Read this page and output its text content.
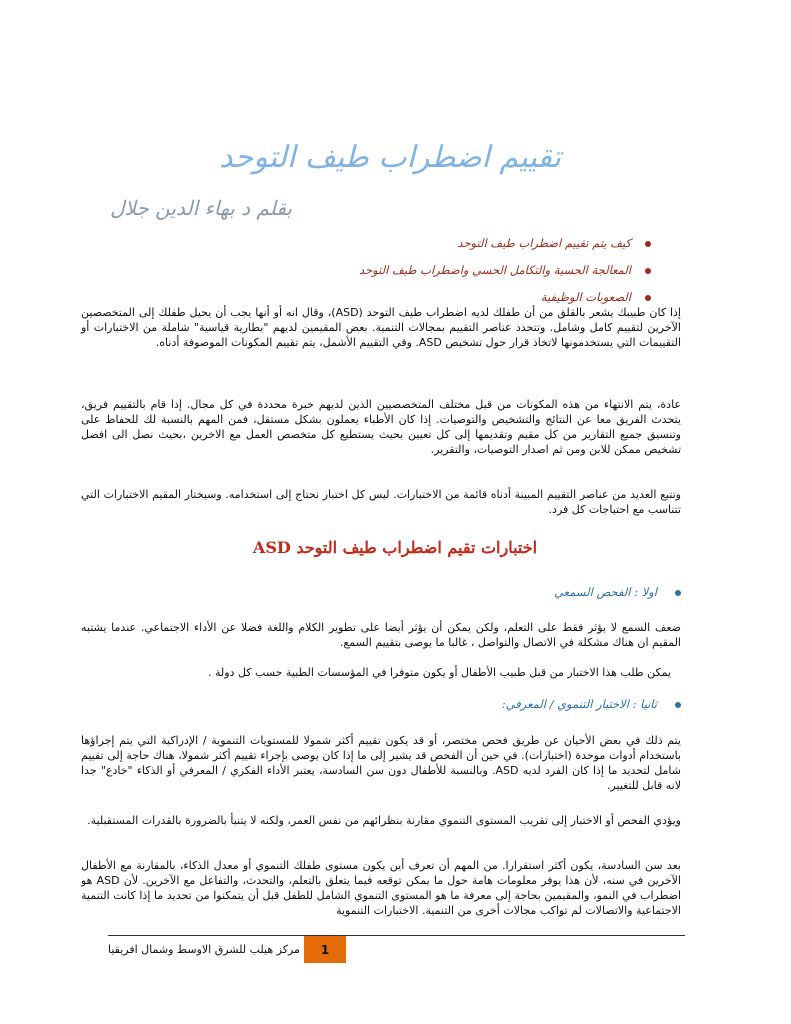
تقييم اضطراب طيف التوحد
بقلم د بهاء الدين جلال
كيف يتم تقييم اضطراب طيف التوحد
المعالجة الحسية والتكامل الحسي واضطراب طيف التوحد
الصعوبات الوظيفية

إذا كان طبيبك يشعر بالقلق من أن طفلك لديه اضطراب طيف التوحد (ASD)، وقال انه أو أنها يجب أن يحيل طفلك إلى المتخصصين الآخرين لتقييم كامل وشامل. وتتحدد عناصر التقييم بمجالات التنمية. بعض المقيمين لديهم "بطارية قياسية" شاملة من الاختبارات أو التقييمات التي يستخدمونها لاتخاذ قرار حول تشخيص ASD. وفي التقييم الأشمل، يتم تقييم المكونات الموصوفة أدناه.

عادة، يتم الانتهاء من هذه المكونات من قبل مختلف المتخصصيين الذين لديهم خبرة محددة في كل مجال. إذا قام بالتقييم فريق، يتحدث الفريق معا عن النتائج والتشخيص والتوصيات. إذا كان الأطباء يعملون بشكل مستقل، فمن المهم بالنسبة لك للحفاظ على وتنسيق جميع التقارير من كل مقيم وتقديمها إلى كل تعيين بحيث يستطيع كل متخصص العمل مع الاخرين ،بحيث نصل الى افضل تشخيص ممكن للابن ومن ثم اصدار التوصيات، والتقرير.

وتتبع العديد من عناصر التقييم المبينة أدناه قائمة من الاختبارات. ليس كل اختبار نحتاج إلى استخدامه. وسيختار المقيم الاختبارات التي تتناسب مع احتياجات كل فرد.

اختبارات تقيم اضطراب طيف التوحد ASD
اولا : الفحص السمعي

ضعف السمع لا يؤثر فقط على التعلم، ولكن يمكن أن يؤثر أيضا على تطوير الكلام واللغة فضلا عن الأداء الاجتماعي. عندما يشتبه المقيم ان هناك مشكلة في الاتصال والتواصل ، غالبا ما يوصى بتقييم السمع.

يمكن طلب هذا الاختبار من قبل طبيب الأطفال أو يكون متوفرا في المؤسسات الطبية حسب كل دولة .

ثانيا : الاختبار التنموي / المعرفي:

يتم ذلك في بعض الأحيان عن طريق فحص مختصر، أو قد يكون تقييم أكثر شمولا للمستويات التنموية / الإدراكية التي يتم إجراؤها باستخدام أدوات موحدة (اختبارات). في حين أن الفحص قد يشير إلى ما إذا كان يوصى بإجراء تقييم أكثر شمولا، هناك حاجة إلى تقييم شامل لتحديد ما إذا كان الفرد لديه ASD. وبالنسبة للأطفال دون سن السادسة، يعتبر الأداء الفكري / المعرفي أو الذكاء "خادع" جدا لانه قابل للتغيير.

ويؤدي الفحص أو الاختبار إلى تقريب المستوى التنموي مقارنة بنظرائهم من نفس العمر، ولكنه لا يتنبأ بالضرورة بالقدرات المستقبلية.

بعد سن السادسة، يكون أكثر استقرارا. من المهم أن تعرف أين يكون مستوى طفلك التنموي أو معدل الذكاء، بالمقارنة مع الأطفال الآخرين في سنه، لأن هذا يوفر معلومات هامة حول ما يمكن توقعه فيما يتعلق بالتعلم، والتحدث، والتفاعل مع الآخرين. لأن ASD هو اضطراب في النمو، والمقيمين بحاجة إلى معرفة ما هو المستوى التنموي الشامل للطفل قبل أن يتمكنوا من تحديد ما إذا كانت التنمية الاجتماعية والاتصالات لم تواكب مجالات أخرى من التنمية. الاختبارات التنموية

مركز هيلب للشرق الاوسط وشمال افريقيا	1
